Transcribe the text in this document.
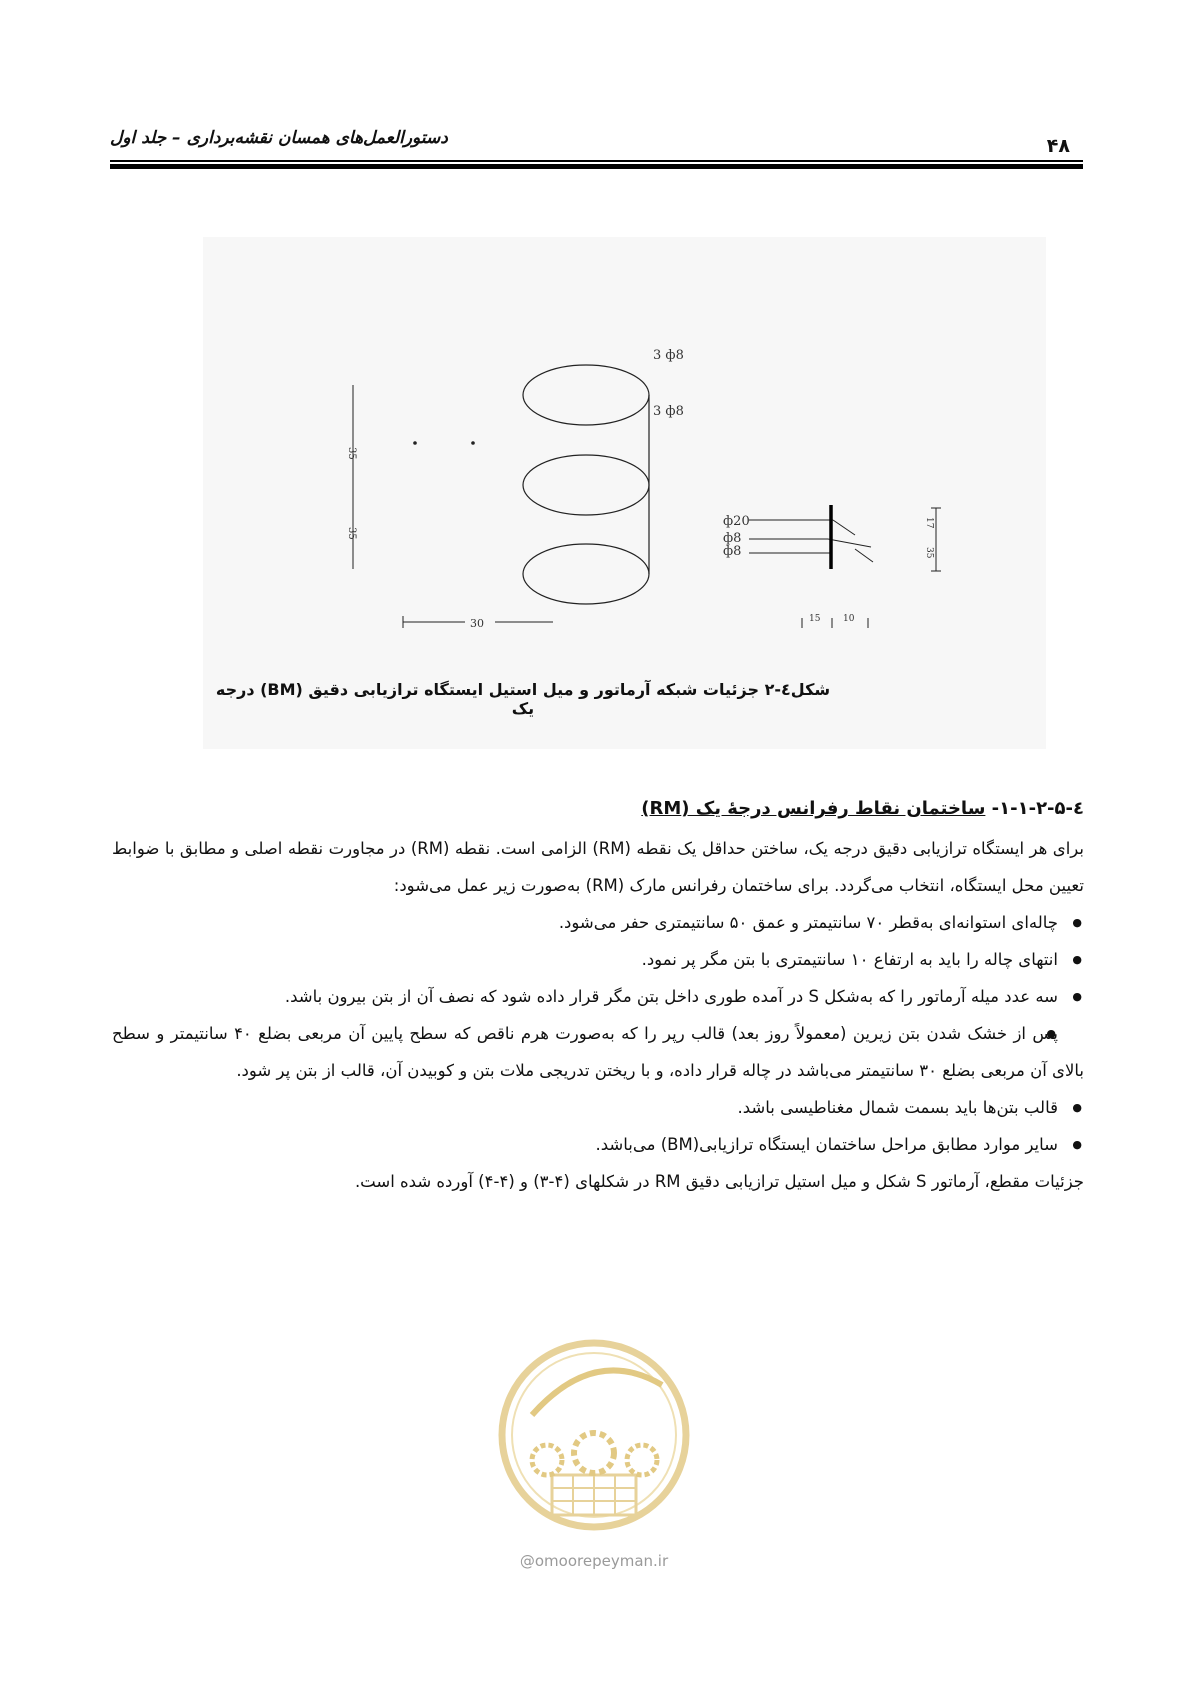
دستورالعمل‌های همسان نقشه‌برداری – جلد اول	۴۸
3 ф8
3 ф8
35
35
30
ф20
ф8
ф8
15	10
17
35
شکل٤-۲ جزئیات شبکه آرماتور و میل استیل ایستگاه ترازیابی دقیق (BM) درجه یک
٤-۱-۱-۲-۵- ساختمان نقاط رفرانس درجۀ یک (RM)
برای هر ایستگاه ترازیابی دقیق درجه یک، ساختن حداقل یک نقطه (RM) الزامی است. نقطه (RM) در مجاورت نقطه اصلی و مطابق با ضوابط تعیین محل ایستگاه، انتخاب می‌گردد. برای ساختمان رفرانس مارک (RM) به‌صورت زیر عمل می‌شود:
● چاله‌ای استوانه‌ای به‌قطر ۷۰ سانتیمتر و عمق ۵۰ سانتیمتری حفر می‌شود.
● انتهای چاله را باید به ارتفاع ۱۰ سانتیمتری با بتن مگر پر نمود.
● سه عدد میله آرماتور را که به‌شکل S در آمده طوری داخل بتن مگر قرار داده شود که نصف آن از بتن بیرون باشد.
● پس از خشک شدن بتن زیرین (معمولاً روز بعد) قالب رپر را که به‌صورت هرم ناقص که سطح پایین آن مربعی بضلع ۴۰ سانتیمتر و سطح بالای آن مربعی بضلع ۳۰ سانتیمتر می‌باشد در چاله قرار داده، و با ریختن تدریجی ملات بتن و کوبیدن آن، قالب از بتن پر شود.
● قالب بتن‌ها باید بسمت شمال مغناطیسی باشد.
● سایر موارد مطابق مراحل ساختمان ایستگاه ترازیابی(BM) می‌باشد.
جزئیات مقطع، آرماتور S شکل و میل استیل ترازیابی دقیق RM در شکلهای (۴-۳) و (۴-۴) آورده شده است.
@omoorepeyman.ir
